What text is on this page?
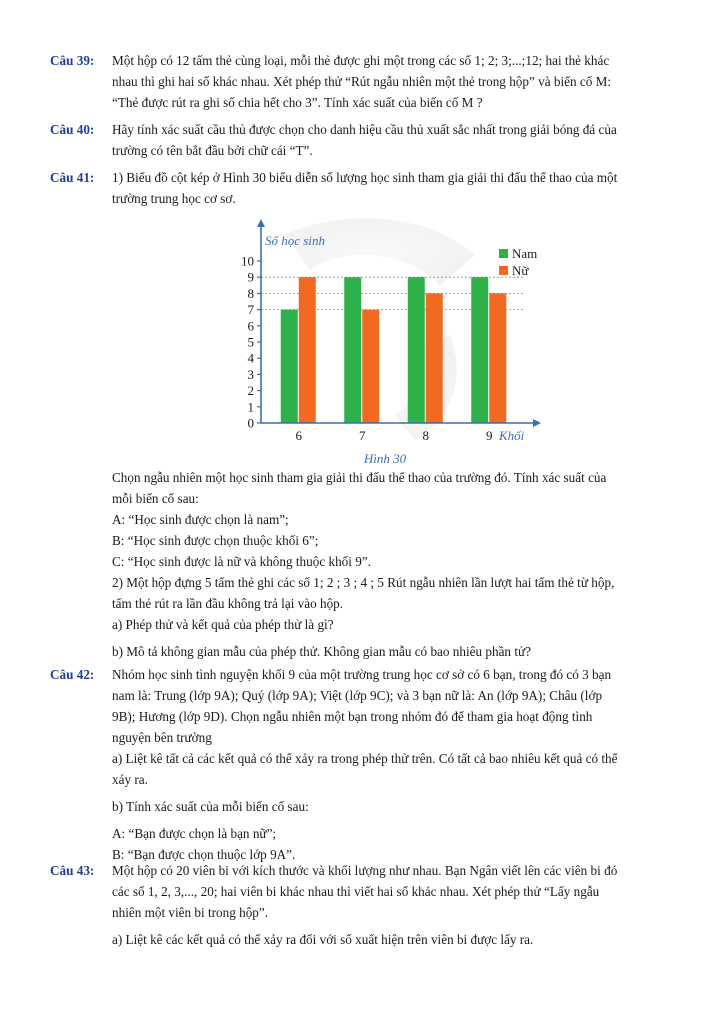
Câu 39:	Một hộp có 12 tấm thẻ cùng loại, mỗi thẻ được ghi một trong các số 1; 2; 3;...;12; hai thẻ khác
nhau thì ghi hai số khác nhau. Xét phép thử “Rút ngẫu nhiên một thẻ trong hộp” và biến cố M:
“Thẻ được rút ra ghi số chia hết cho 3”. Tính xác suất của biến cố M ?
Câu 40:	Hãy tính xác suất cầu thủ được chọn cho danh hiệu cầu thủ xuất sắc nhất trong giải bóng đá của
trường có tên bắt đầu bởi chữ cái “T”.
Câu 41:	1) Biểu đồ cột kép ở Hình 30 biểu diễn số lượng học sinh tham gia giải thi đấu thể thao của một
trường trung học cơ sơ.
Chọn ngẫu nhiên một học sinh tham gia giải thi đấu thể thao của trường đó. Tính xác suất của
mỗi biến cố sau:
A: “Học sinh được chọn là nam”;
B: “Học sinh được chọn thuộc khối 6”;
C: “Học sinh được là nữ và không thuộc khối 9”.
2) Một hộp đựng 5 tấm thẻ ghi các số 1; 2 ; 3 ; 4 ; 5 Rút ngẫu nhiên lần lượt hai tấm thẻ từ hộp,
tấm thẻ rút ra lần đầu không trả lại vào hộp.
a) Phép thử và kết quả của phép thử là gì?
b) Mô tả không gian mẫu của phép thử. Không gian mẫu có bao nhiêu phần tử?
6	7	8	9
0
1
2
3
4
5
6
7
8
9
10
Số học sinh
Khối
Nam
Nữ
Hình 30
Câu 42:	Nhóm học sinh tình nguyện khối 9 của một trường trung học cơ sở có 6 bạn, trong đó có 3 bạn
nam là: Trung (lớp 9A); Quý (lớp 9A); Việt (lớp 9C); và 3 bạn nữ là: An (lớp 9A); Châu (lớp
9B); Hương (lớp 9D). Chọn ngẫu nhiên một bạn trong nhóm đó để tham gia hoạt động tình
nguyện bên trường
a) Liệt kê tất cả các kết quả có thể xảy ra trong phép thử trên. Có tất cả bao nhiêu kết quả có thể
xảy ra.
b) Tính xác suất của mỗi biến cố sau:
A: “Bạn được chọn là bạn nữ”;
B: “Bạn được chọn thuộc lớp 9A”.
Câu 43:	Một hộp có 20 viên bi với kích thước và khối lượng như nhau. Bạn Ngân viết lên các viên bi đó
các số 1, 2, 3,..., 20; hai viên bi khác nhau thì viết hai số khác nhau. Xét phép thử “Lấy ngẫu
nhiên một viên bi trong hộp”.
a) Liệt kê các kết quả có thể xảy ra đối với số xuất hiện trên viên bi được lấy ra.
